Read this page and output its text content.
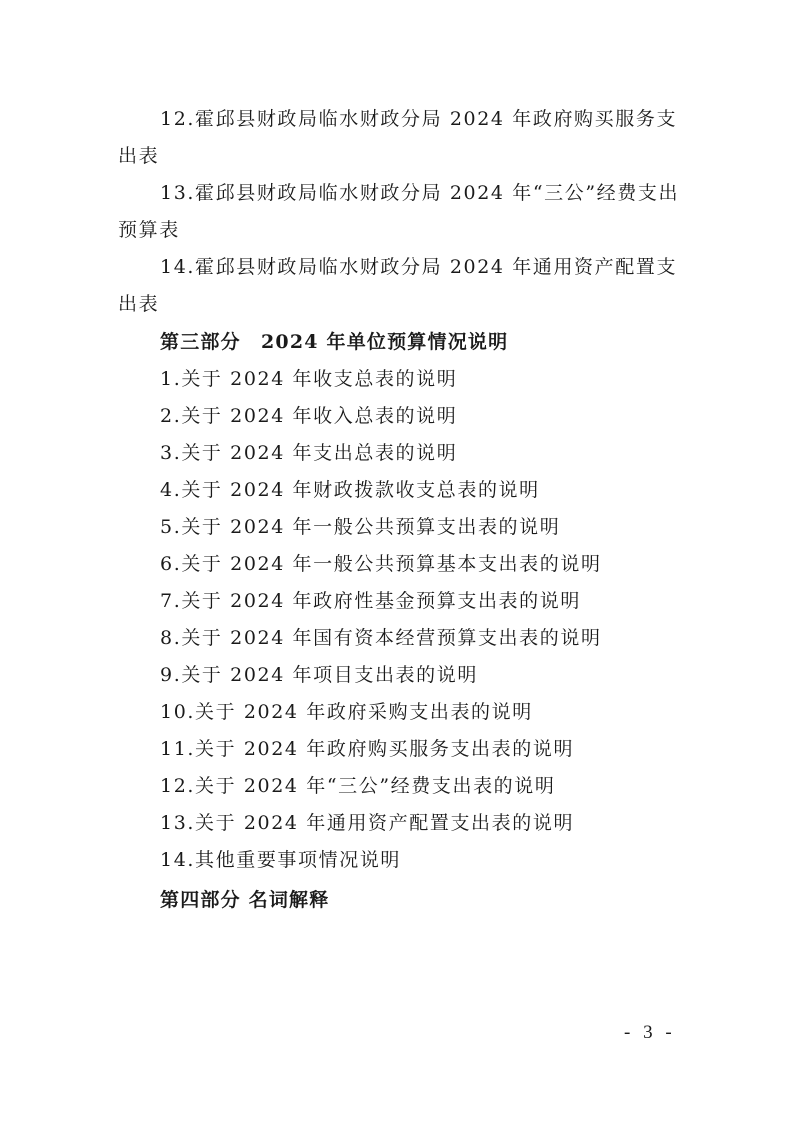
12.霍邱县财政局临水财政分局 2024 年政府购买服务支
出表
13.霍邱县财政局临水财政分局 2024 年“三公”经费支出
预算表
14.霍邱县财政局临水财政分局 2024 年通用资产配置支
出表
第三部分　2024 年单位预算情况说明
1.关于 2024 年收支总表的说明
2.关于 2024 年收入总表的说明
3.关于 2024 年支出总表的说明
4.关于 2024 年财政拨款收支总表的说明
5.关于 2024 年一般公共预算支出表的说明
6.关于 2024 年一般公共预算基本支出表的说明
7.关于 2024 年政府性基金预算支出表的说明
8.关于 2024 年国有资本经营预算支出表的说明
9.关于 2024 年项目支出表的说明
10.关于 2024 年政府采购支出表的说明
11.关于 2024 年政府购买服务支出表的说明
12.关于 2024 年“三公”经费支出表的说明
13.关于 2024 年通用资产配置支出表的说明
14.其他重要事项情况说明
第四部分 名词解释
- 3 -
